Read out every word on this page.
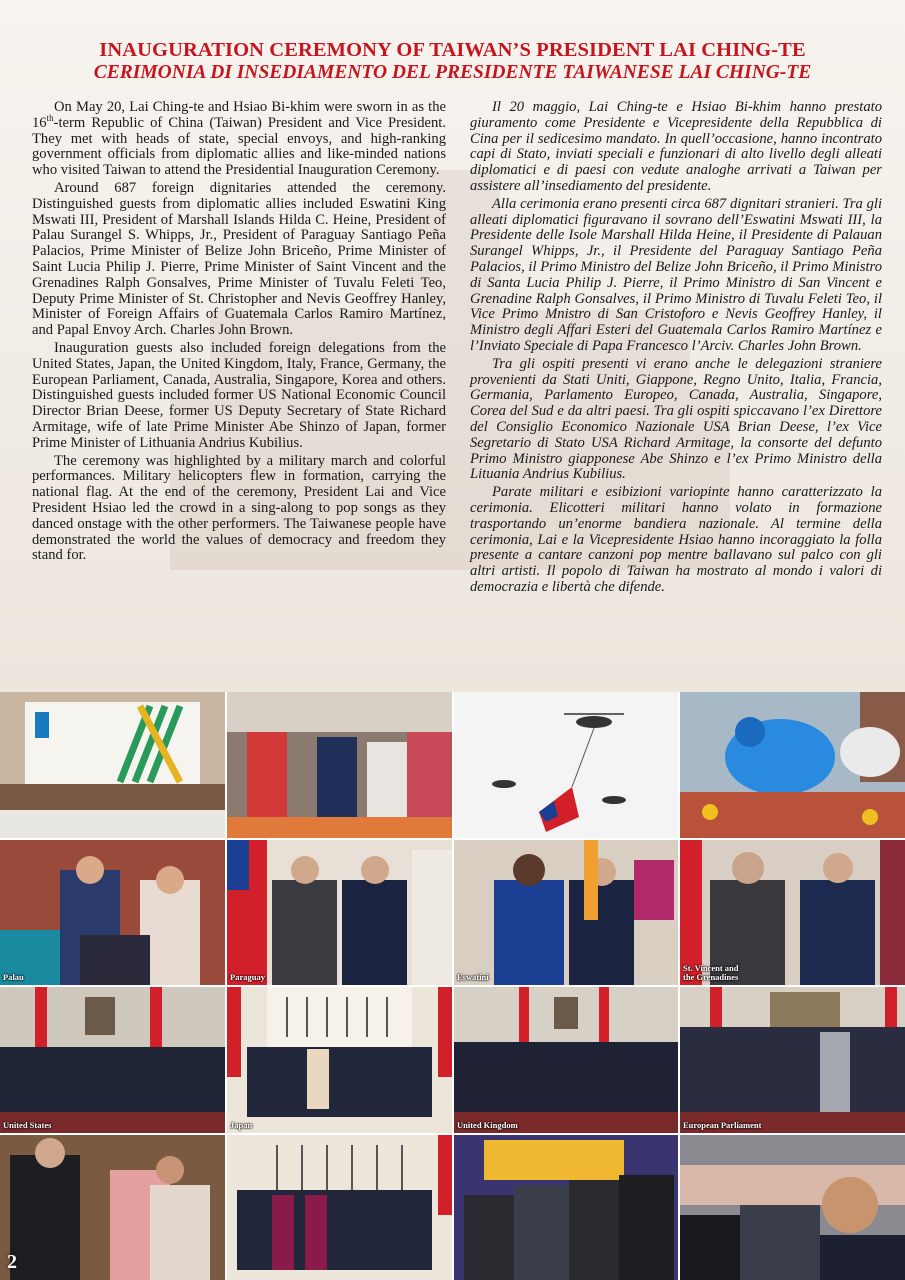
INAUGURATION CEREMONY OF TAIWAN’S PRESIDENT LAI CHING-TE
CERIMONIA DI INSEDIAMENTO DEL PRESIDENTE TAIWANESE LAI CHING-TE

On May 20, Lai Ching-te and Hsiao Bi-khim were sworn in as the 16th-term Republic of China (Taiwan) President and Vice President. They met with heads of state, special envoys, and high-ranking government officials from diplomatic allies and like-minded nations who visited Taiwan to attend the Presidential Inauguration Ceremony.

Around 687 foreign dignitaries attended the ceremony. Distinguished guests from diplomatic allies included Eswatini King Mswati III, President of Marshall Islands Hilda C. Heine, President of Palau Surangel S. Whipps, Jr., President of Paraguay Santiago Peña Palacios, Prime Minister of Belize John Briceño, Prime Minister of Saint Lucia Philip J. Pierre, Prime Minister of Saint Vincent and the Grenadines Ralph Gonsalves, Prime Minister of Tuvalu Feleti Teo, Deputy Prime Minister of St. Christopher and Nevis Geoffrey Hanley, Minister of Foreign Affairs of Guatemala Carlos Ramiro Martínez, and Papal Envoy Arch. Charles John Brown.

Inauguration guests also included foreign delegations from the United States, Japan, the United Kingdom, Italy, France, Germany, the European Parliament, Canada, Australia, Singapore, Korea and others. Distinguished guests included former US National Economic Council Director Brian Deese, former US Deputy Secretary of State Richard Armitage, wife of late Prime Minister Abe Shinzo of Japan, former Prime Minister of Lithuania Andrius Kubilius.

The ceremony was highlighted by a military march and colorful performances. Military helicopters flew in formation, carrying the national flag. At the end of the ceremony, President Lai and Vice President Hsiao led the crowd in a sing-along to pop songs as they danced onstage with the other performers. The Taiwanese people have demonstrated the world the values of democracy and freedom they stand for.

Il 20 maggio, Lai Ching-te e Hsiao Bi-khim hanno prestato giuramento come Presidente e Vicepresidente della Repubblica di Cina per il sedicesimo mandato. In quell’occasione, hanno incontrato capi di Stato, inviati speciali e funzionari di alto livello degli alleati diplomatici e di paesi con vedute analoghe arrivati a Taiwan per assistere all’insediamento del presidente.

Alla cerimonia erano presenti circa 687 dignitari stranieri. Tra gli alleati diplomatici figuravano il sovrano dell’Eswatini Mswati III, la Presidente delle Isole Marshall Hilda Heine, il Presidente di Palauan Surangel Whipps, Jr., il Presidente del Paraguay Santiago Peña Palacios, il Primo Ministro del Belize John Briceño, il Primo Ministro di Santa Lucia Philip J. Pierre, il Primo Ministro di San Vincent e Grenadine Ralph Gonsalves, il Primo Ministro di Tuvalu Feleti Teo, il Vice Primo Mnistro di San Cristoforo e Nevis Geoffrey Hanley, il Ministro degli Affari Esteri del Guatemala Carlos Ramiro Martínez e l’Inviato Speciale di Papa Francesco l’Arciv. Charles John Brown.

Tra gli ospiti presenti vi erano anche le delegazioni straniere provenienti da Stati Uniti, Giappone, Regno Unito, Italia, Francia, Germania, Parlamento Europeo, Canada, Australia, Singapore, Corea del Sud e da altri paesi. Tra gli ospiti spiccavano l’ex Direttore del Consiglio Economico Nazionale USA Brian Deese, l’ex Vice Segretario di Stato USA Richard Armitage, la consorte del defunto Primo Ministro giapponese Abe Shinzo e l’ex Primo Ministro della Lituania Andrius Kubilius.

Parate militari e esibizioni variopinte hanno caratterizzato la cerimonia. Elicotteri militari hanno volato in formazione trasportando un’enorme bandiera nazionale. Al termine della cerimonia, Lai e la Vicepresidente Hsiao hanno incoraggiato la folla presente a cantare canzoni pop mentre ballavano sul palco con gli altri artisti. Il popolo di Taiwan ha mostrato al mondo i valori di democrazia e libertà che difende.

Palau	Paraguay	Eswatini
St. Vincent and
the Grenadines
United States	Japan	United Kingdom	European Parliament
2
